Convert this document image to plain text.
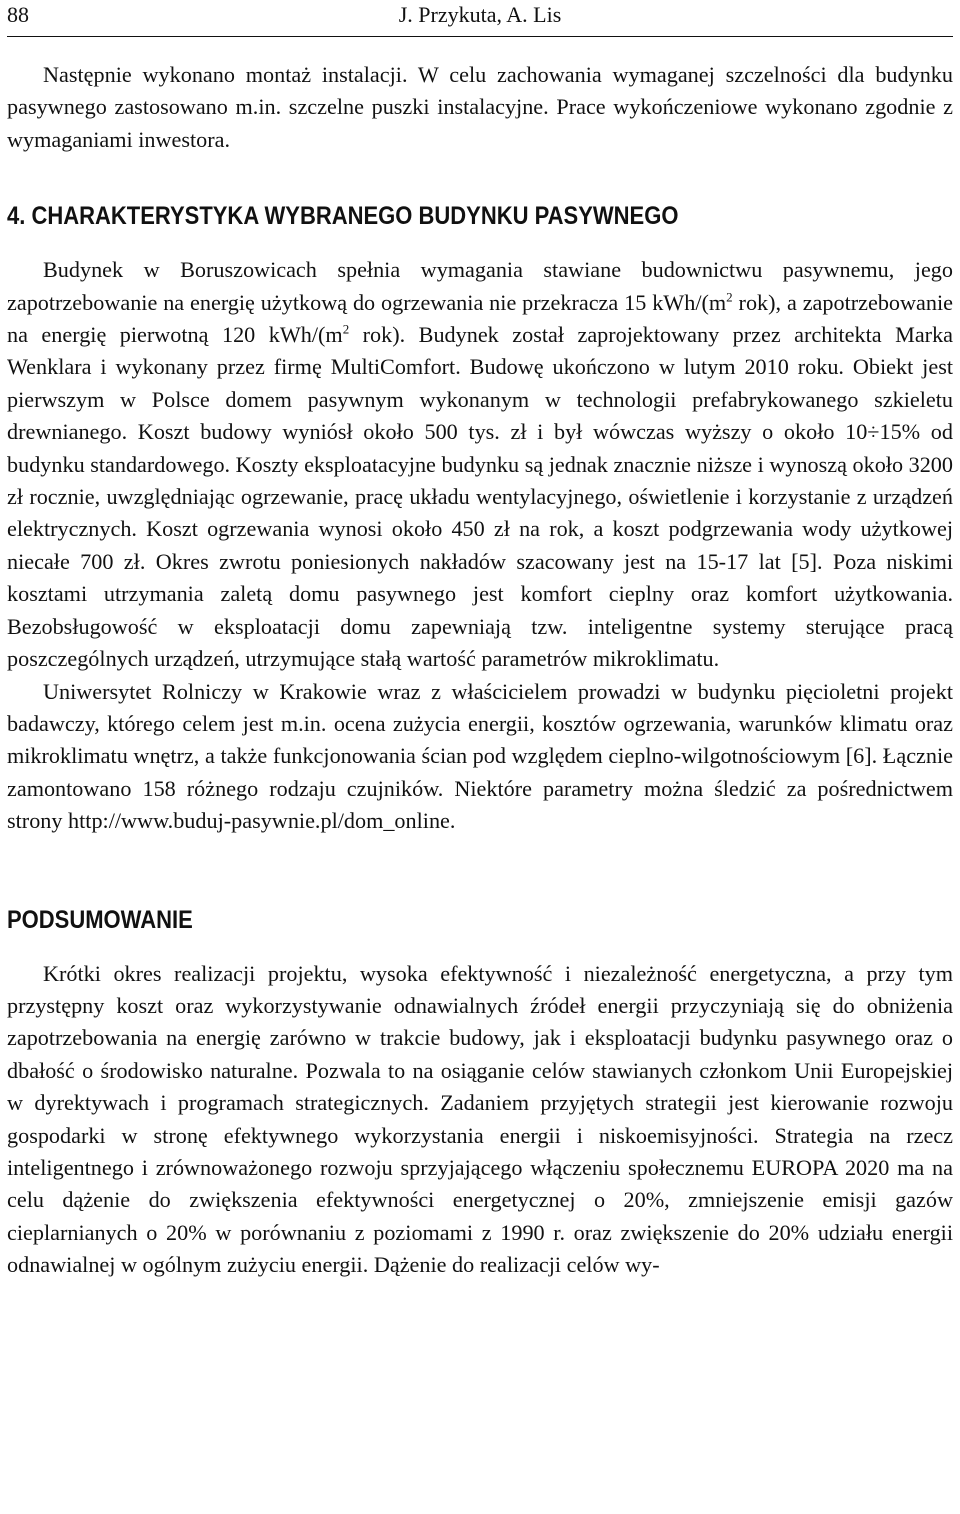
88	J. Przykuta, A. Lis

Następnie wykonano montaż instalacji. W celu zachowania wymaganej szczelności dla budynku pasywnego zastosowano m.in. szczelne puszki instalacyjne. Prace wykończeniowe wykonano zgodnie z wymaganiami inwestora.

4. CHARAKTERYSTYKA WYBRANEGO BUDYNKU PASYWNEGO

Budynek w Boruszowicach spełnia wymagania stawiane budownictwu pasywnemu, jego zapotrzebowanie na energię użytkową do ogrzewania nie przekracza 15 kWh/($m^2$ rok), a zapotrzebowanie na energię pierwotną 120 kWh/($m^2$ rok). Budynek został zaprojektowany przez architekta Marka Wenklara i wykonany przez firmę MultiComfort. Budowę ukończono w lutym 2010 roku. Obiekt jest pierwszym w Polsce domem pasywnym wykonanym w technologii prefabrykowanego szkieletu drewnianego. Koszt budowy wyniósł około 500 tys. zł i był wówczas wyższy o około 10÷15% od budynku standardowego. Koszty eksploatacyjne budynku są jednak znacznie niższe i wynoszą około 3200 zł rocznie, uwzględniając ogrzewanie, pracę układu wentylacyjnego, oświetlenie i korzystanie z urządzeń elektrycznych. Koszt ogrzewania wynosi około 450 zł na rok, a koszt podgrzewania wody użytkowej niecałe 700 zł. Okres zwrotu poniesionych nakładów szacowany jest na 15-17 lat [5]. Poza niskimi kosztami utrzymania zaletą domu pasywnego jest komfort cieplny oraz komfort użytkowania. Bezobsługowość w eksploatacji domu zapewniają tzw. inteligentne systemy sterujące pracą poszczególnych urządzeń, utrzymujące stałą wartość parametrów mikroklimatu.

Uniwersytet Rolniczy w Krakowie wraz z właścicielem prowadzi w budynku pięcioletni projekt badawczy, którego celem jest m.in. ocena zużycia energii, kosztów ogrzewania, warunków klimatu oraz mikroklimatu wnętrz, a także funkcjonowania ścian pod względem cieplno-wilgotnościowym [6]. Łącznie zamontowano 158 różnego rodzaju czujników. Niektóre parametry można śledzić za pośrednictwem strony http://www.buduj-pasywnie.pl/dom_online.

PODSUMOWANIE

Krótki okres realizacji projektu, wysoka efektywność i niezależność energetyczna, a przy tym przystępny koszt oraz wykorzystywanie odnawialnych źródeł energii przyczyniają się do obniżenia zapotrzebowania na energię zarówno w trakcie budowy, jak i eksploatacji budynku pasywnego oraz o dbałość o środowisko naturalne. Pozwala to na osiąganie celów stawianych członkom Unii Europejskiej w dyrektywach i programach strategicznych. Zadaniem przyjętych strategii jest kierowanie rozwoju gospodarki w stronę efektywnego wykorzystania energii i niskoemisyjności. Strategia na rzecz inteligentnego i zrównoważonego rozwoju sprzyjającego włączeniu społecznemu EUROPA 2020 ma na celu dążenie do zwiększenia efektywności energetycznej o 20%, zmniejszenie emisji gazów cieplarnianych o 20% w porównaniu z poziomami z 1990 r. oraz zwiększenie do 20% udziału energii odnawialnej w ogólnym zużyciu energii. Dążenie do realizacji celów wy-
